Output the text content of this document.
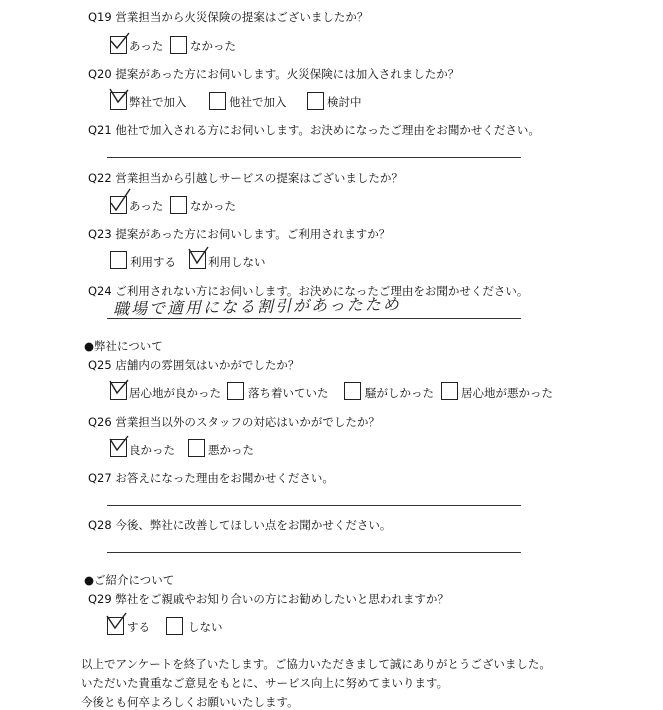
Q19 営業担当から火災保険の提案はございましたか？
あった なかった
Q20 提案があった方にお伺いします。火災保険には加入されましたか？
弊社で加入	他社で加入	検討中
Q21 他社で加入される方にお伺いします。お決めになったご理由をお聞かせください。
Q22 営業担当から引越しサービスの提案はございましたか？
あった なかった
Q23 提案があった方にお伺いします。ご利用されますか？
利用する	利用しない
Q24 ご利用されない方にお伺いします。お決めになったご理由をお聞かせください。
職場で適用になる割引があったため
●弊社について
Q25 店舗内の雰囲気はいかがでしたか？
居心地が良かった 落ち着いていた	騒がしかった 居心地が悪かった
Q26 営業担当以外のスタッフの対応はいかがでしたか？
良かった	悪かった
Q27 お答えになった理由をお聞かせください。
Q28 今後、弊社に改善してほしい点をお聞かせください。
●ご紹介について
Q29 弊社をご親戚やお知り合いの方にお勧めしたいと思われますか？
する	しない
以上でアンケートを終了いたします。ご協力いただきまして誠にありがとうございました。
いただいた貴重なご意見をもとに、サービス向上に努めてまいります。
今後とも何卒よろしくお願いいたします。
